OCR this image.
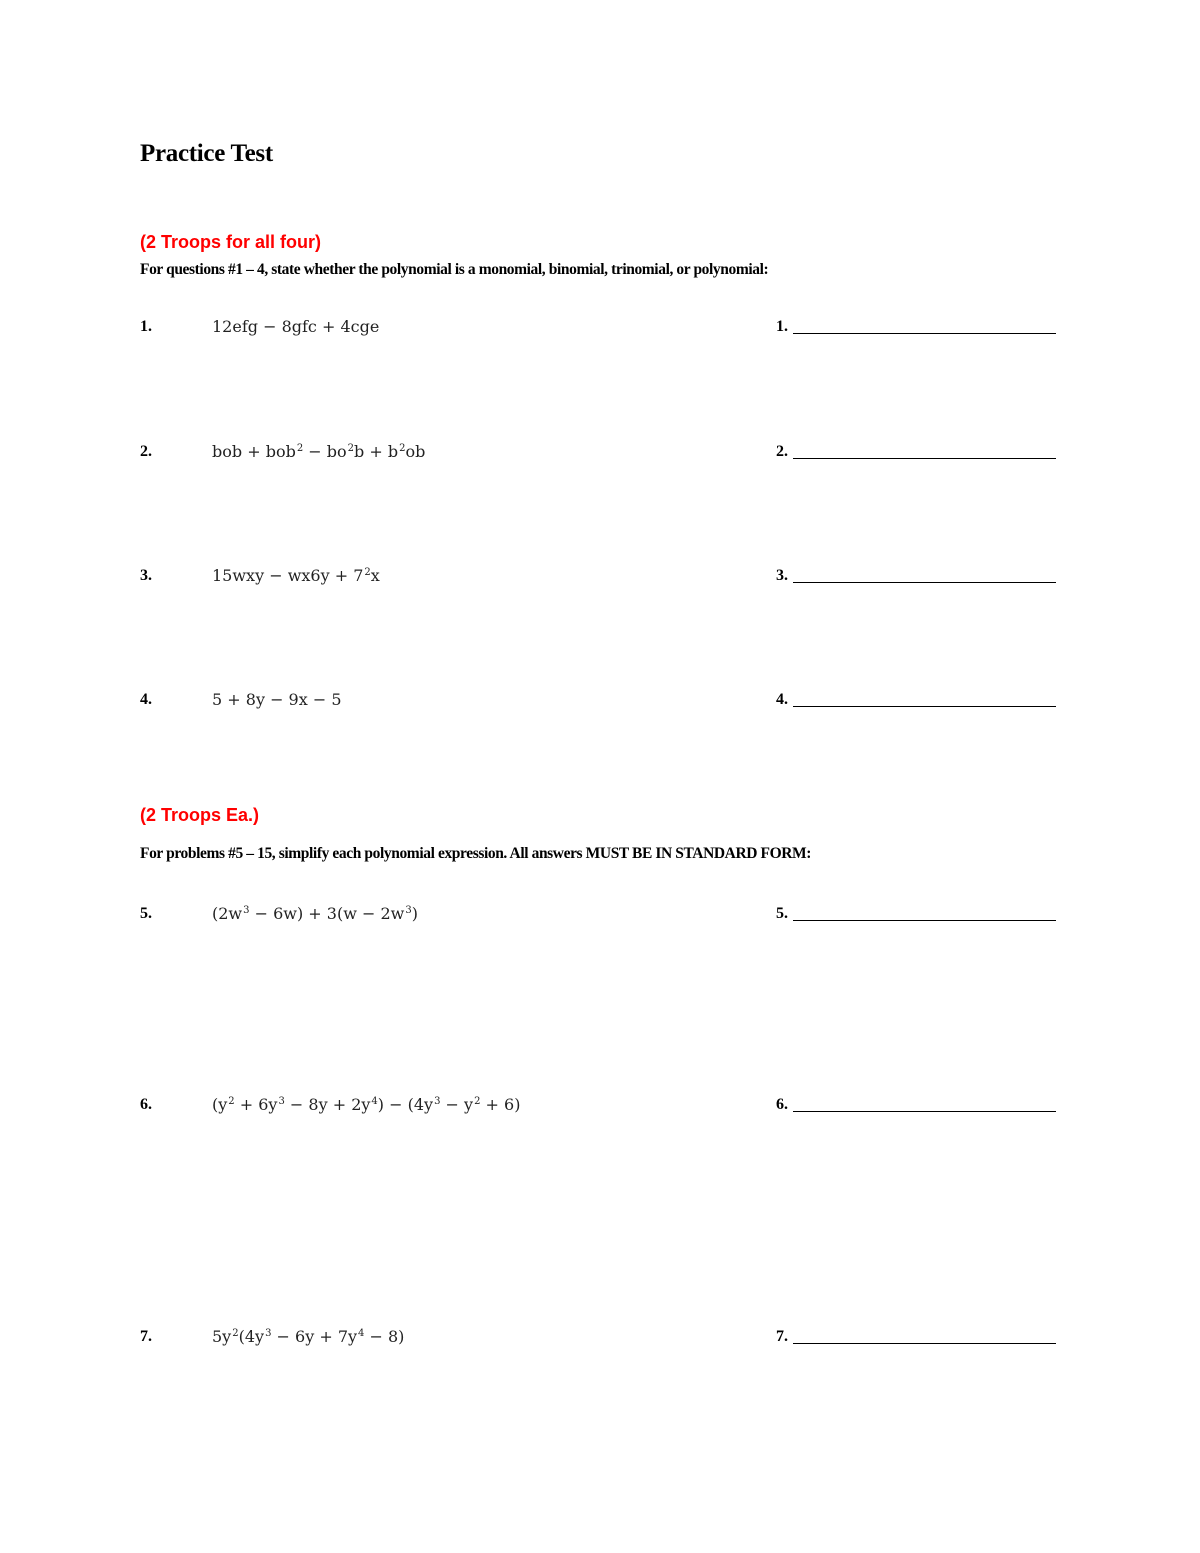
Practice Test
(2 Troops for all four)
For questions #1 – 4, state whether the polynomial is a monomial, binomial, trinomial, or polynomial:
1.	12efg − 8gfc + 4cge	1.
2.	bob + $bob^2 - bo^2b + b^2ob$	2.
3.	$15wxy - wx6y + 7^2x$	3.
4.	5 + 8y − 9x − 5	4.
(2 Troops Ea.)
For problems #5 – 15, simplify each polynomial expression. All answers MUST BE IN STANDARD FORM:
5.	$(2w^3 - 6w) + 3(w - 2w^3)$	5.
6.	$(y^2 + 6y^3 - 8y + 2y^4) - (4y^3 - y^2 + 6)$	6.
7.	$5y^2(4y^3 - 6y + 7y^4 - 8)$	7.
